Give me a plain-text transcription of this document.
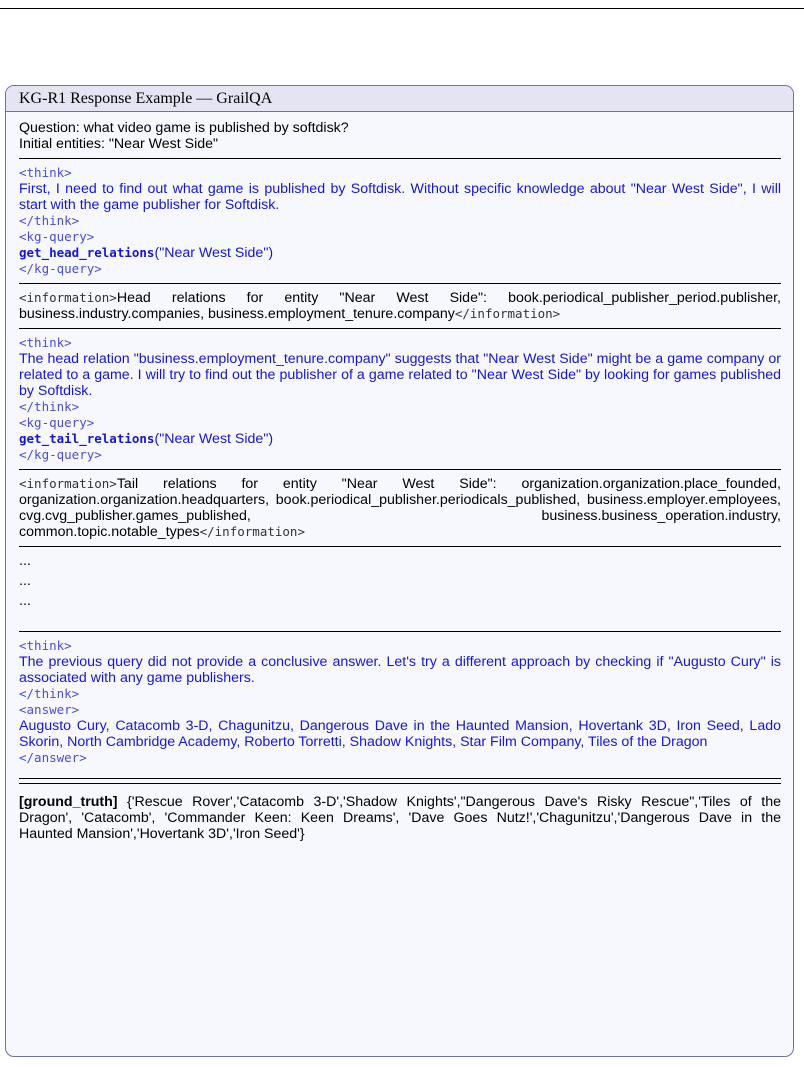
KG-R1 Response Example — GrailQA
Question: what video game is published by softdisk?
Initial entities: "Near West Side"
<think>
First, I need to find out what game is published by Softdisk. Without specific knowledge about "Near West Side", I will start with the game publisher for Softdisk.
</think>
<kg-query>
get_head_relations("Near West Side")
</kg-query>
<information>Head relations for entity "Near West Side": book.periodical_publisher_period.publisher, business.industry.companies, business.employment_tenure.company</information>
<think>
The head relation "business.employment_tenure.company" suggests that "Near West Side" might be a game company or related to a game. I will try to find out the publisher of a game related to "Near West Side" by looking for games published by Softdisk.
</think>
<kg-query>
get_tail_relations("Near West Side")
</kg-query>
<information>Tail relations for entity "Near West Side": organization.organization.place_founded, organization.organization.headquarters, book.periodical_publisher.periodicals_published, business.employer.employees, cvg.cvg_publisher.games_published, business.business_operation.industry, common.topic.notable_types</information>
...
...
...
<think>
The previous query did not provide a conclusive answer. Let's try a different approach by checking if "Augusto Cury" is associated with any game publishers.
</think>
<answer>
Augusto Cury, Catacomb 3-D, Chagunitzu, Dangerous Dave in the Haunted Mansion, Hovertank 3D, Iron Seed, Lado Skorin, North Cambridge Academy, Roberto Torretti, Shadow Knights, Star Film Company, Tiles of the Dragon
</answer>
[ground_truth] {'Rescue Rover','Catacomb 3-D','Shadow Knights',"Dangerous Dave's Risky Rescue",'Tiles of the Dragon', 'Catacomb', 'Commander Keen: Keen Dreams', 'Dave Goes Nutz!','Chagunitzu','Dangerous Dave in the Haunted Mansion','Hovertank 3D','Iron Seed'}
